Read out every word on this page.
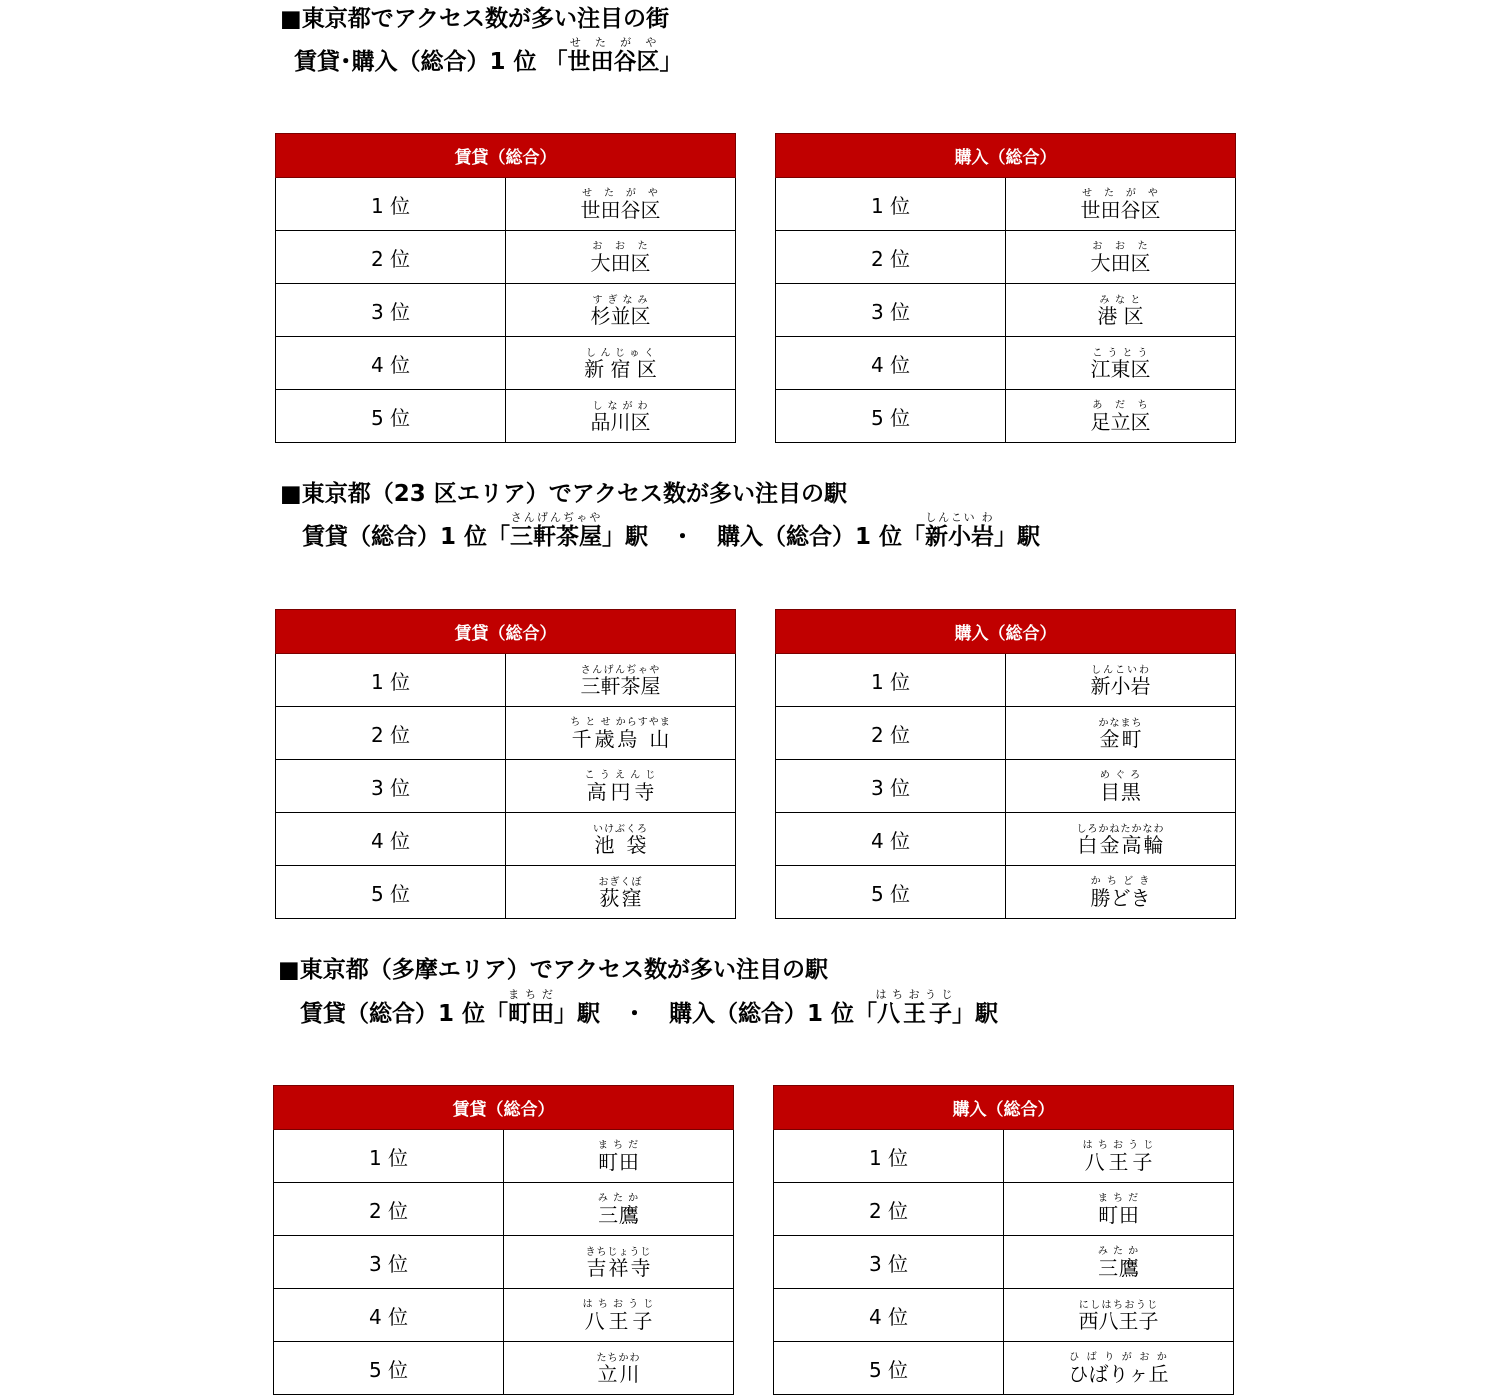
■東京都でアクセス数が多い注目の街
賃貸･購入（総合）1 位 「世田谷区せ た が や」
賃貸（総合）	
1 位	世田谷区せ た が や
2 位	大田区お お た
3 位	杉並区すぎなみ
4 位	新 宿 区しんじゅく
5 位	品川区しながわ
購入（総合）	
1 位	世田谷区せ た が や
2 位	大田区お お た
3 位	港 区みなと
4 位	江東区こうとう
5 位	足立区あ だ ち
■東京都（23 区エリア）でアクセス数が多い注目の駅
賃貸（総合）1 位「三軒茶屋さんげんぢゃや」駅　・　購入（総合）1 位「新小岩しんこい わ」駅
賃貸（総合）	
1 位	三軒茶屋さんげんぢゃや
2 位	千歳烏 山ち と せ からすやま
3 位	高円寺こ う え ん じ
4 位	池 袋いけぶくろ
5 位	荻窪おぎくぼ
購入（総合）	
1 位	新小岩しんこいわ
2 位	金町かなまち
3 位	目黒め ぐ ろ
4 位	白金高輪しろかねたかなわ
5 位	勝どきか ち ど き
■東京都（多摩エリア）でアクセス数が多い注目の駅
賃貸（総合）1 位「町田ま ち だ」駅　・　購入（総合）1 位「八王子は ち お う じ」駅
賃貸（総合）	
1 位	町田ま ち だ
2 位	三鷹み た か
3 位	吉祥寺きちじょうじ
4 位	八王子は ち お う じ
5 位	立川たちかわ
購入（総合）	
1 位	八王子は ち お う じ
2 位	町田ま ち だ
3 位	三鷹み た か
4 位	西八王子にしはちおうじ
5 位	ひばりヶ丘ひ ば り が お か
